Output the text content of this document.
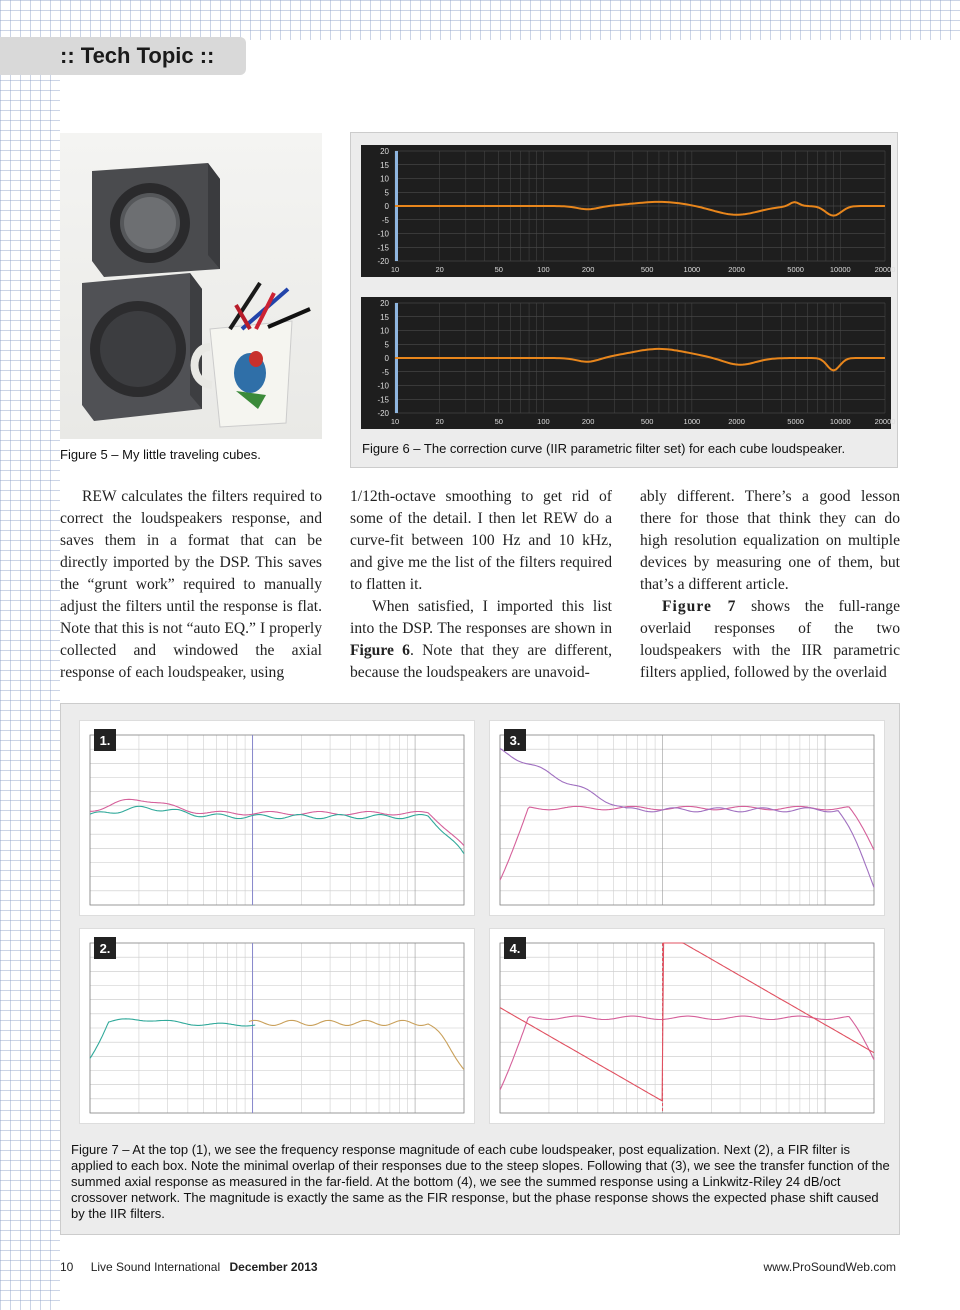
:: Tech Topic ::
Figure 5 – My little traveling cubes.
20
15
10
5
0
-5
-10
-15
-20
10	20	50	100	200	500	1000	2000	5000	10000	20000
20
15
10
5
0
-5
-10
-15
-20
10	20	50	100	200	500	1000	2000	5000	10000	20000
Figure 6 – The correction curve (IIR parametric filter set) for each cube loudspeaker.

REW calculates the filters required to correct the loudspeakers response, and saves them in a format that can be directly imported by the DSP. This saves the “grunt work” required to manually adjust the filters until the response is flat. Note that this is not “auto EQ.” I properly collected and windowed the axial response of each loudspeaker, using

1/12th-octave smoothing to get rid of some of the detail. I then let REW do a curve-fit between 100 Hz and 10 kHz, and give me the list of the filters required to flatten it.

When satisfied, I imported this list into the DSP. The responses are shown in Figure 6. Note that they are different, because the loudspeakers are unavoid-

ably different. There’s a good lesson there for those that think they can do high resolution equalization on multiple devices by measuring one of them, but that’s a different article.

Figure 7 shows the full-range overlaid responses of the two loudspeakers with the IIR parametric filters applied, followed by the overlaid

1.	3.
2.	4.
Figure 7 – At the top (1), we see the frequency response magnitude of each cube loudspeaker, post equalization. Next (2), a FIR filter is applied to each box. Note the minimal overlap of their responses due to the steep slopes. Following that (3), we see the transfer function of the summed axial response as measured in the far-field. At the bottom (4), we see the summed response using a Linkwitz-Riley 24 dB/oct crossover network. The magnitude is exactly the same as the FIR response, but the phase response shows the expected phase shift caused by the IIR filters.
10 Live Sound International December 2013	www.ProSoundWeb.com
